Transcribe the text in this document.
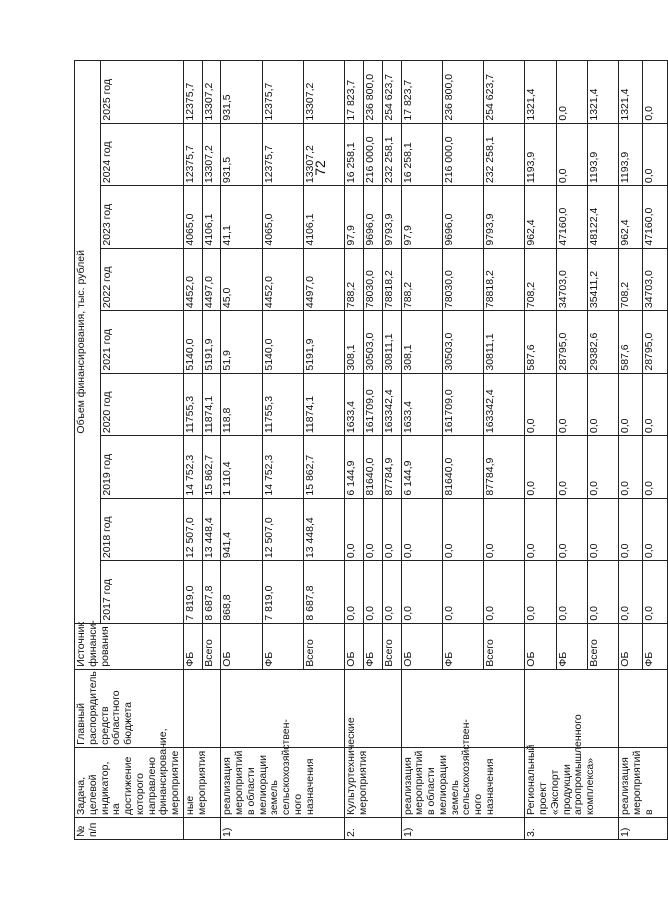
72
№ п/п	Задача, целевой индикатор, на достижение которого направлено финансирование, мероприятие	Главный распорядитель средств областного бюджета	Источник финанси-рования	Объем финансирования, тыс. рублей								
				2017 год	2018 год	2019 год	2020 год	2021 год	2022 год	2023 год	2024 год	2025 год
	ные мероприятия		ФБ	7 819,0	12 507,0	14 752,3	11755,3	5140,0	4452,0	4065,0	12375,7	12375,7
			Всего	8 687,8	13 448,4	15 862,7	11874,1	5191,9	4497,0	4106,1	13307,2	13307,2
1)	реализация мероприятий в области мелиорации земель сельскохозяйствен-ного назначения		ОБ	868,8	941,4	1 110,4	118,8	51,9	45,0	41,1	931,5	931,5
			ФБ	7 819,0	12 507,0	14 752,3	11755,3	5140,0	4452,0	4065,0	12375,7	12375,7
			Всего	8 687,8	13 448,4	15 862,7	11874,1	5191,9	4497,0	4106,1	13307,2	13307,2
2.	Культуртехнические мероприятия		ОБ	0,0	0,0	6 144,9	1633,4	308,1	788,2	97,9	16 258,1	17 823,7
			ФБ	0,0	0,0	81640,0	161709,0	30503,0	78030,0	9696,0	216 000,0	236 800,0
			Всего	0,0	0,0	87784,9	163342,4	30811,1	78818,2	9793,9	232 258,1	254 623,7
1)	реализация мероприятий в области мелиорации земель сельскохозяйствен-ного назначения		ОБ	0,0	0,0	6 144,9	1633,4	308,1	788,2	97,9	16 258,1	17 823,7
			ФБ	0,0	0,0	81640,0	161709,0	30503,0	78030,0	9696,0	216 000,0	236 800,0
			Всего	0,0	0,0	87784,9	163342,4	30811,1	78818,2	9793,9	232 258,1	254 623,7
3.	Региональный проект «Экспорт продукции агропромышленного комплекса»		ОБ	0,0	0,0	0,0	0,0	587,6	708,2	962,4	1193,9	1321,4
			ФБ	0,0	0,0	0,0	0,0	28795,0	34703,0	47160,0	0,0	0,0
			Всего	0,0	0,0	0,0	0,0	29382,6	35411,2	48122,4	1193,9	1321,4
1)	реализация мероприятий в		ОБ	0,0	0,0	0,0	0,0	587,6	708,2	962,4	1193,9	1321,4
			ФБ	0,0	0,0	0,0	0,0	28795,0	34703,0	47160,0	0,0	0,0
